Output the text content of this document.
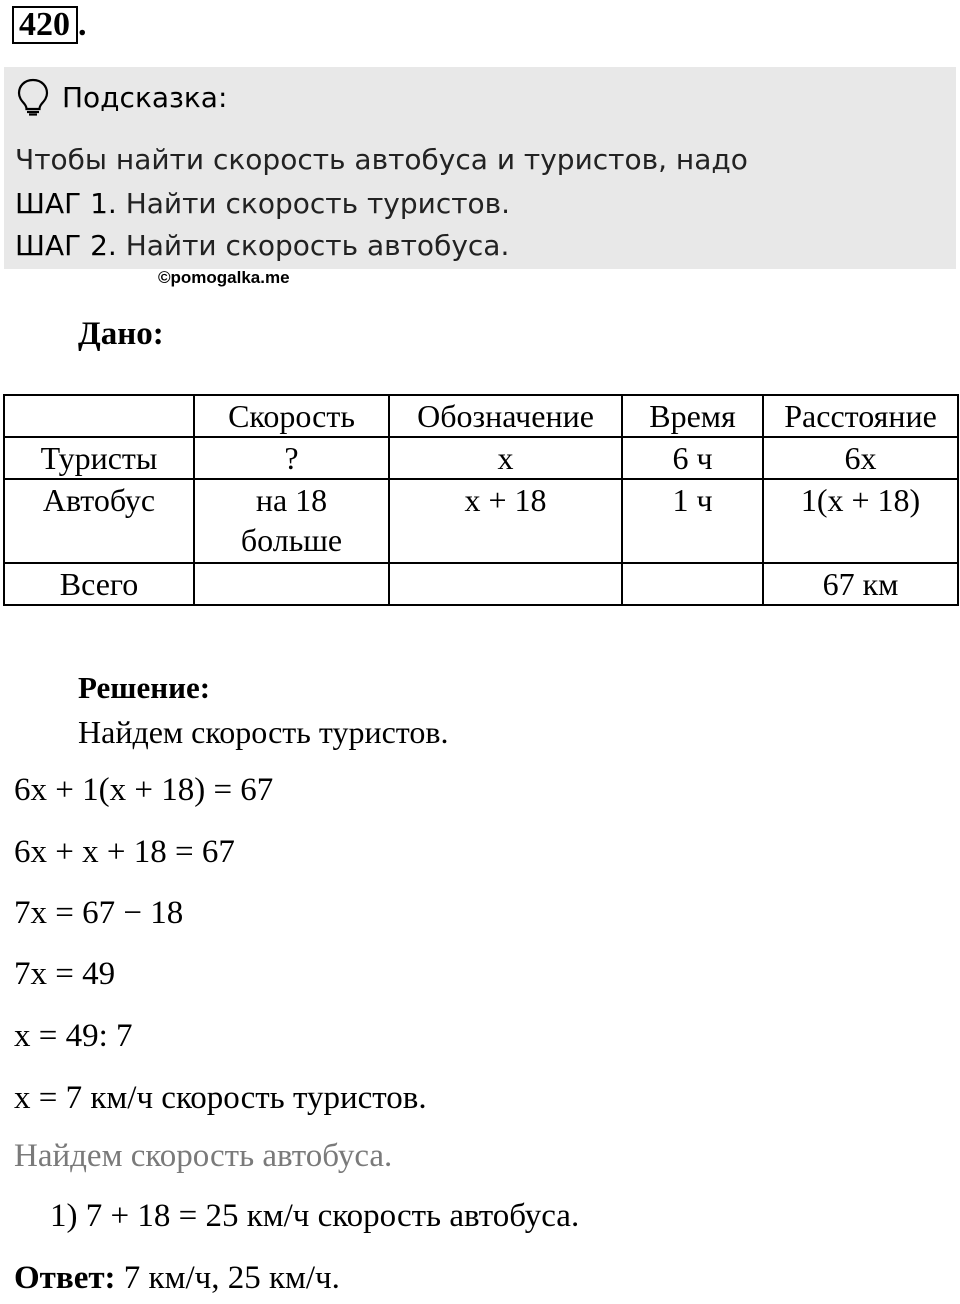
420 .
Подсказка:
Чтобы найти скорость автобуса и туристов, надо
ШАГ 1. Найти скорость туристов.
ШАГ 2. Найти скорость автобуса.
©pomogalka.me
Дано:
	Скорость	Обозначение	Время	Расстояние
Туристы	?	x	6 ч	6x
Автобус	на 18 больше	x + 18	1 ч	1(x + 18)
Всего				67 км
Решение:
Найдем скорость туристов.
6x + 1(x + 18) = 67
6x + x + 18 = 67
7x = 67 − 18
7x = 49
x = 49: 7
x = 7 км/ч скорость туристов.
Найдем скорость автобуса.
1) 7 + 18 = 25 км/ч скорость автобуса.
Ответ: 7 км/ч, 25 км/ч.
